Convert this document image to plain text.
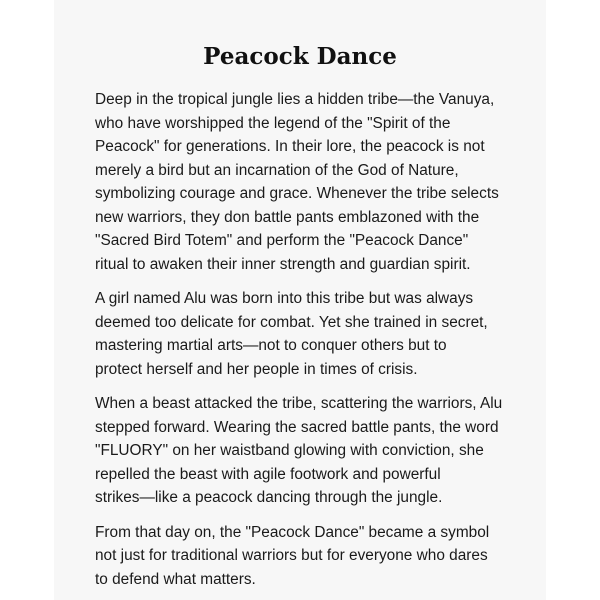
Peacock Dance

Deep in the tropical jungle lies a hidden tribe—the Vanuya,
who have worshipped the legend of the "Spirit of the
Peacock" for generations. In their lore, the peacock is not
merely a bird but an incarnation of the God of Nature,
symbolizing courage and grace. Whenever the tribe selects
new warriors, they don battle pants emblazoned with the
"Sacred Bird Totem" and perform the "Peacock Dance"
ritual to awaken their inner strength and guardian spirit.

A girl named Alu was born into this tribe but was always
deemed too delicate for combat. Yet she trained in secret,
mastering martial arts—not to conquer others but to
protect herself and her people in times of crisis.

When a beast attacked the tribe, scattering the warriors, Alu
stepped forward. Wearing the sacred battle pants, the word
"FLUORY" on her waistband glowing with conviction, she
repelled the beast with agile footwork and powerful
strikes—like a peacock dancing through the jungle.

From that day on, the "Peacock Dance" became a symbol
not just for traditional warriors but for everyone who dares
to defend what matters.
